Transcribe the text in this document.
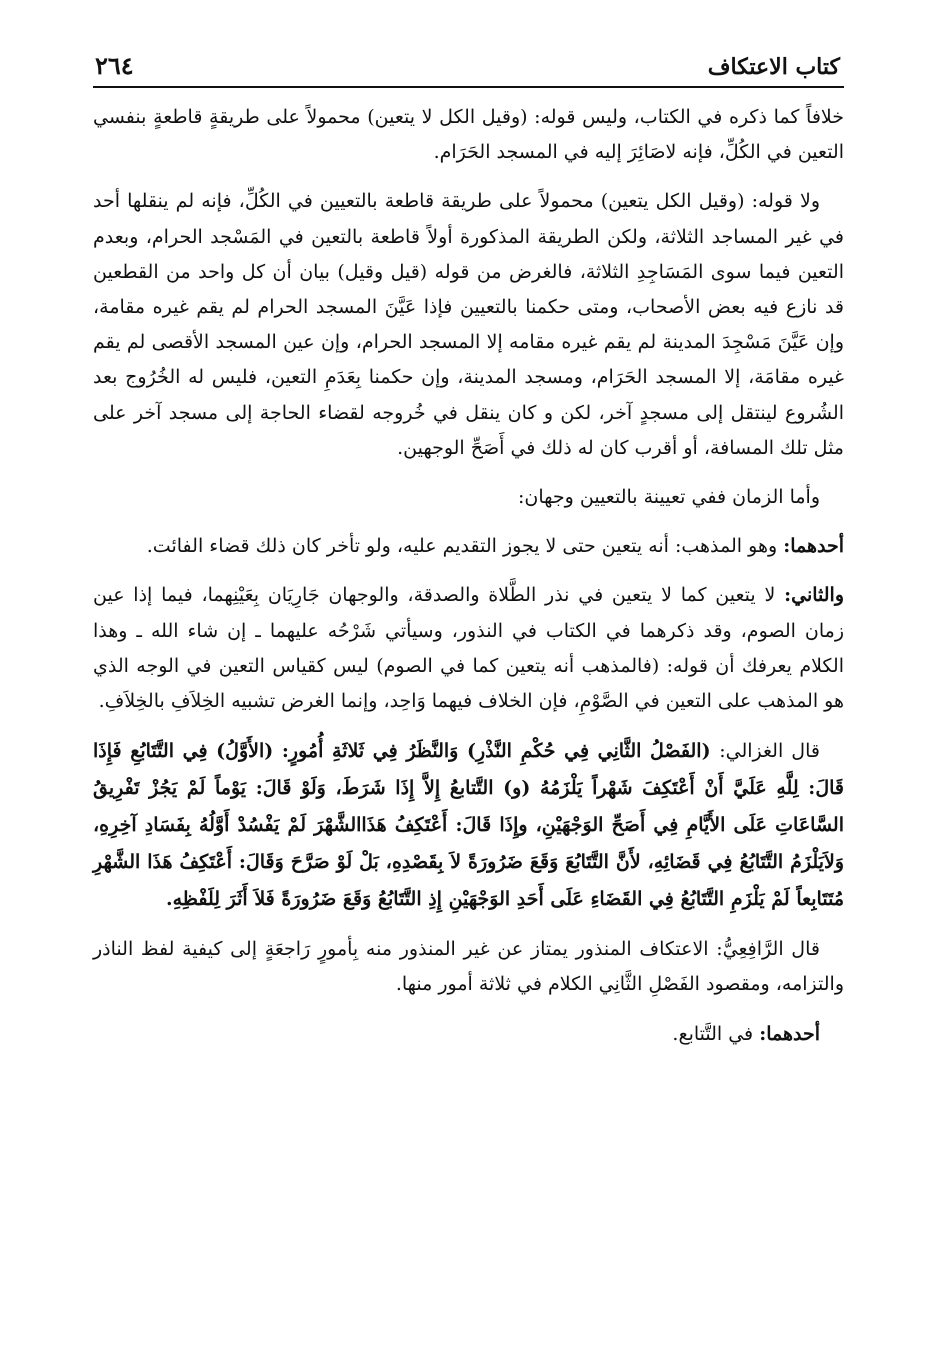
كتاب الاعتكاف
٢٦٤

خلافاً كما ذكره في الكتاب، وليس قوله: (وقيل الكل لا يتعين) محمولاً على طريقةٍ قاطعةٍ بنفسي التعين في الكُلِّ، فإنه لاصَائِرَ إليه في المسجد الحَرَام.

ولا قوله: (وقيل الكل يتعين) محمولاً على طريقة قاطعة بالتعيين في الكُلِّ، فإنه لم ينقلها أحد في غير المساجد الثلاثة، ولكن الطريقة المذكورة أولاً قاطعة بالتعين في المَسْجد الحرام، وبعدم التعين فيما سوى المَسَاجِدِ الثلاثة، فالغرض من قوله (قيل وقيل) بيان أن كل واحد من القطعين قد نازع فيه بعض الأصحاب، ومتى حكمنا بالتعيين فإذا عَيَّنَ المسجد الحرام لم يقم غيره مقامة، وإن عَيَّنَ مَسْجِدَ المدينة لم يقم غيره مقامه إلا المسجد الحرام، وإن عين المسجد الأقصى لم يقم غيره مقامَة، إلا المسجد الحَرَام، ومسجد المدينة، وإن حكمنا بِعَدَمِ التعين، فليس له الخُرُوج بعد الشُروع لينتقل إلى مسجدٍ آخر، لكن و كان ينقل في خُروجه لقضاء الحاجة إلى مسجد آخر على مثل تلك المسافة، أو أقرب كان له ذلك في أَصَحِّ الوجهين.

وأما الزمان ففي تعيينة بالتعيين وجهان:

أحدهما: وهو المذهب: أنه يتعين حتى لا يجوز التقديم عليه، ولو تأخر كان ذلك قضاء الفائت.

والثاني: لا يتعين كما لا يتعين في نذر الطَّلاة والصدقة، والوجهان جَارِيَان بِعَيْنِهما، فيما إذا عين زمان الصوم، وقد ذكرهما في الكتاب في النذور، وسيأتي شَرْحُه عليهما ـ إن شاء الله ـ وهذا الكلام يعرفك أن قوله: (فالمذهب أنه يتعين كما في الصوم) ليس كقياس التعين في الوجه الذي هو المذهب على التعين في الصَّوْمِ، فإن الخلاف فيهما وَاحِد، وإنما الغرض تشبيه الخِلاَفِ بالخِلاَفِ.

قال الغزالي: (الفَصْلُ الثَّانِي فِي حُكْمِ النَّذْرِ) وَالنَّظَرُ فِي ثَلاثَةِ أُمُورٍ: (الأَوَّلُ) فِي التَّتَابُعِ فَإِذَا قَالَ: لِلَّهِ عَلَيَّ أَنْ أَعْتَكِفَ شَهْراً يَلْزَمُهُ (و) التَّتابعُ إِلاَّ إِذَا شَرَطَ، وَلَوْ قَالَ: يَوْماً لَمْ يَجُزْ تَفْرِيقُ السَّاعَاتِ عَلَى الأَيَّامِ فِي أَصَحِّ الوَجْهَيْنِ، وإِذَا قَالَ: أَعْتَكِفُ هَذَاالشَّهْرَ لَمْ يَفْسُدْ أَوَّلُهُ بِفَسَادِ آخِرِهِ، وَلاَيَلْزَمُ التَّتَابُعُ فِي قَضَائِهِ، لأَنَّ التَّتَابُعَ وَقَعَ ضَرُورَةً لاَ بِقَصْدِهِ، بَلْ لَوْ صَرَّحَ وَقَالَ: أَعْتَكِفُ هَذَا الشَّهْرِ مُتَتَابِعاً لَمْ يَلْزَمِ التَّتَابُعُ فِي القَضَاءِ عَلَى أَحَدِ الوَجْهَيْنِ إِذِ التَّتَابُعُ وَقَعَ ضَرُورَةً فَلاَ أَثَرَ لِلَفْظِهِ.

قال الرَّافِعِيُّ: الاعتكاف المنذور يمتاز عن غير المنذور منه بِأمورٍ رَاجعَةٍ إلى كيفية لفظ الناذر والتزامه، ومقصود الفَصْلِ الثَّانِي الكلام في ثلاثة أمور منها.

أحدهما: في التَّتابع.
